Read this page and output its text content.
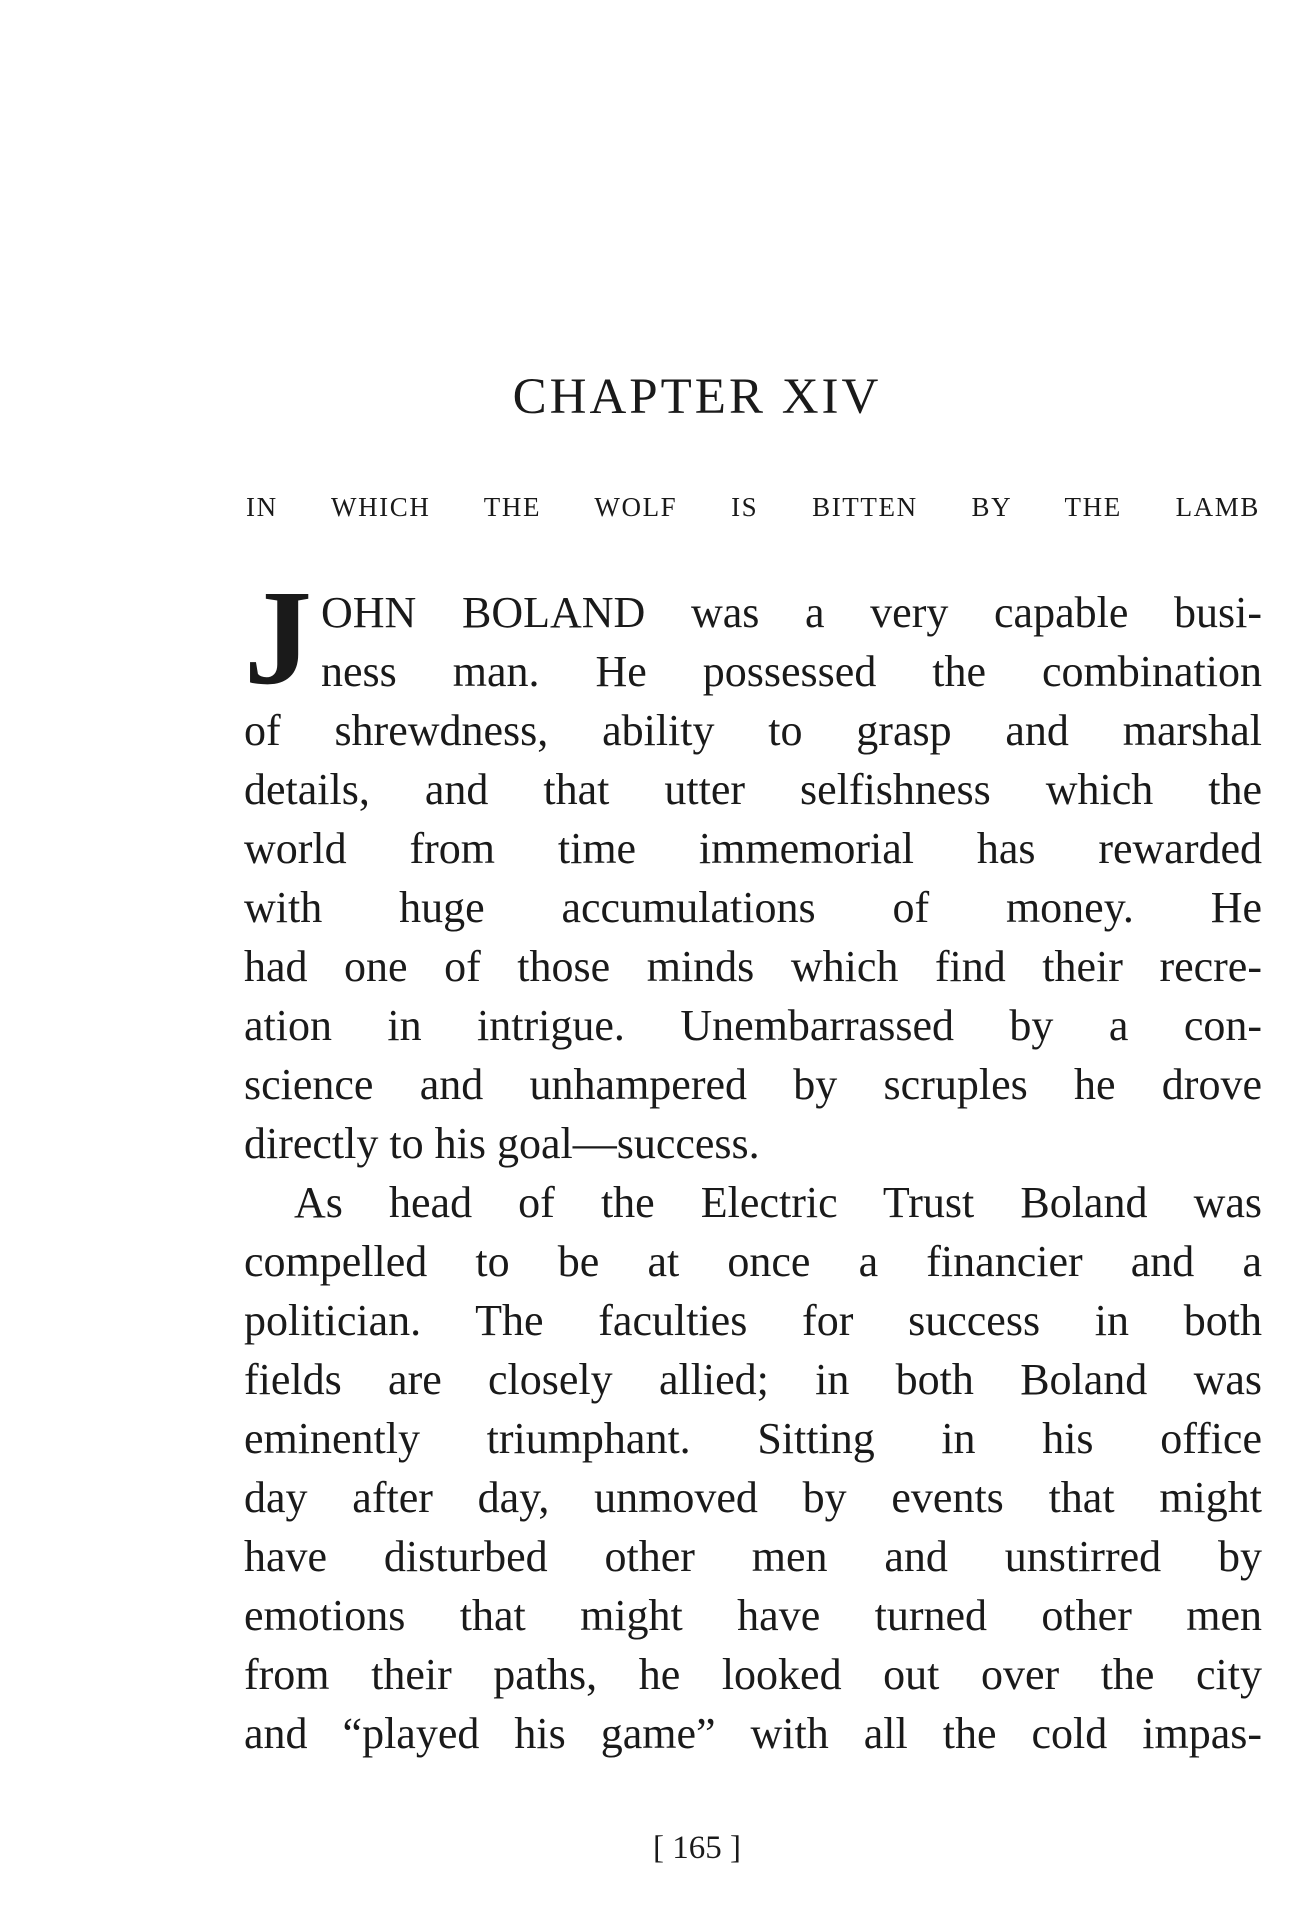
CHAPTER XIV
IN WHICH THE WOLF IS BITTEN BY THE LAMB
J OHN BOLAND was a very capable busi-
ness man. He possessed the combination
of shrewdness, ability to grasp and marshal
details, and that utter selfishness which the
world from time immemorial has rewarded
with huge accumulations of money. He
had one of those minds which find their recre-
ation in intrigue. Unembarrassed by a con-
science and unhampered by scruples he drove
directly to his goal—success.
As head of the Electric Trust Boland was
compelled to be at once a financier and a
politician. The faculties for success in both
fields are closely allied; in both Boland was
eminently triumphant. Sitting in his office
day after day, unmoved by events that might
have disturbed other men and unstirred by
emotions that might have turned other men
from their paths, he looked out over the city
and “played his game” with all the cold impas-

[ 165 ]
